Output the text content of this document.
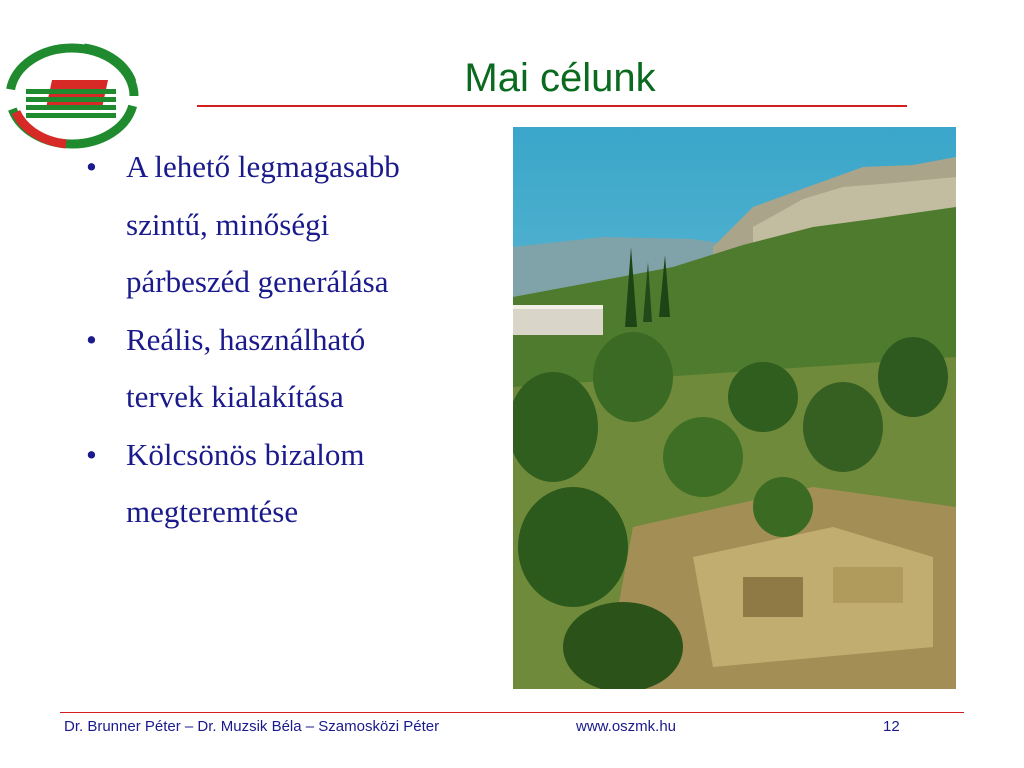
Mai célunk
• A lehető legmagasabb
szintű, minőségi
párbeszéd generálása
• Reális, használható
tervek kialakítása
• Kölcsönös bizalom
megteremtése
Dr. Brunner Péter – Dr. Muzsik Béla – Szamosközi Péter	www.oszmk.hu	12
